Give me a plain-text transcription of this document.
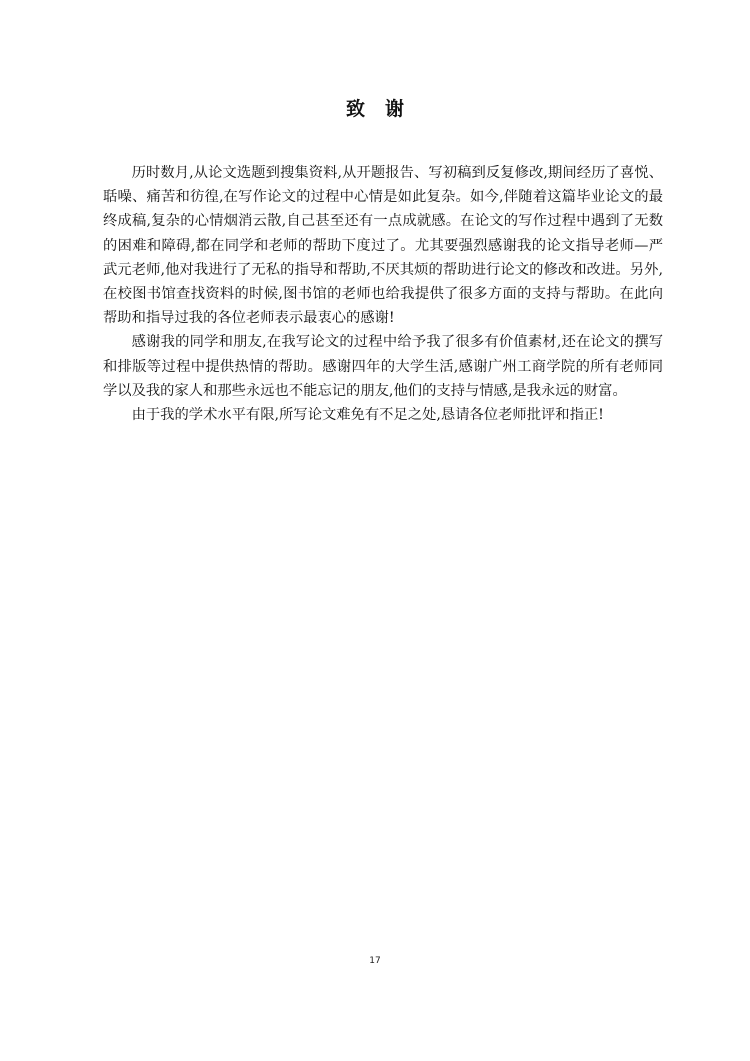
致谢

历时数月,从论文选题到搜集资料,从开题报告、写初稿到反复修改,期间经历了喜悦、聒噪、痛苦和彷徨,在写作论文的过程中心情是如此复杂。如今,伴随着这篇毕业论文的最终成稿,复杂的心情烟消云散,自己甚至还有一点成就感。在论文的写作过程中遇到了无数的困难和障碍,都在同学和老师的帮助下度过了。尤其要强烈感谢我的论文指导老师—严武元老师,他对我进行了无私的指导和帮助,不厌其烦的帮助进行论文的修改和改进。另外,在校图书馆查找资料的时候,图书馆的老师也给我提供了很多方面的支持与帮助。在此向帮助和指导过我的各位老师表示最衷心的感谢!

感谢我的同学和朋友,在我写论文的过程中给予我了很多有价值素材,还在论文的撰写和排版等过程中提供热情的帮助。感谢四年的大学生活,感谢广州工商学院的所有老师同学以及我的家人和那些永远也不能忘记的朋友,他们的支持与情感,是我永远的财富。

由于我的学术水平有限,所写论文难免有不足之处,恳请各位老师批评和指正!

17
